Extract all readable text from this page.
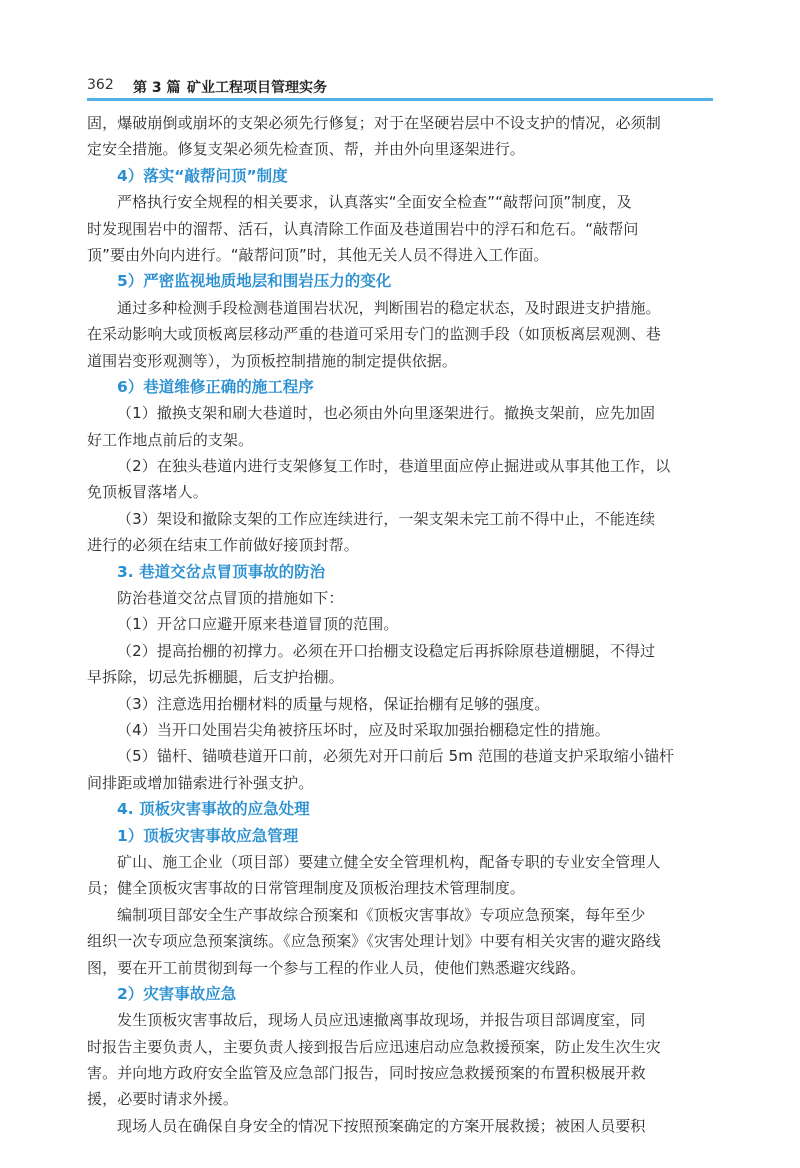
362 第 3 篇 矿业工程项目管理实务
固，爆破崩倒或崩坏的支架必须先行修复；对于在坚硬岩层中不设支护的情况，必须制
定安全措施。修复支架必须先检查顶、帮，并由外向里逐架进行。
4）落实“敲帮问顶”制度
严格执行安全规程的相关要求，认真落实“全面安全检查”“敲帮问顶”制度，及
时发现围岩中的溜帮、活石，认真清除工作面及巷道围岩中的浮石和危石。“敲帮问
顶”要由外向内进行。“敲帮问顶”时，其他无关人员不得进入工作面。
5）严密监视地质地层和围岩压力的变化
通过多种检测手段检测巷道围岩状况，判断围岩的稳定状态，及时跟进支护措施。
在采动影响大或顶板离层移动严重的巷道可采用专门的监测手段（如顶板离层观测、巷
道围岩变形观测等），为顶板控制措施的制定提供依据。
6）巷道维修正确的施工程序
（1）撤换支架和刷大巷道时，也必须由外向里逐架进行。撤换支架前，应先加固
好工作地点前后的支架。
（2）在独头巷道内进行支架修复工作时，巷道里面应停止掘进或从事其他工作，以
免顶板冒落堵人。
（3）架设和撤除支架的工作应连续进行，一架支架未完工前不得中止，不能连续
进行的必须在结束工作前做好接顶封帮。
3. 巷道交岔点冒顶事故的防治
防治巷道交岔点冒顶的措施如下：
（1）开岔口应避开原来巷道冒顶的范围。
（2）提高抬棚的初撑力。必须在开口抬棚支设稳定后再拆除原巷道棚腿，不得过
早拆除，切忌先拆棚腿，后支护抬棚。
（3）注意选用抬棚材料的质量与规格，保证抬棚有足够的强度。
（4）当开口处围岩尖角被挤压坏时，应及时采取加强抬棚稳定性的措施。
（5）锚杆、锚喷巷道开口前，必须先对开口前后 5m 范围的巷道支护采取缩小锚杆
间排距或增加锚索进行补强支护。
4. 顶板灾害事故的应急处理
1）顶板灾害事故应急管理
矿山、施工企业（项目部）要建立健全安全管理机构，配备专职的专业安全管理人
员；健全顶板灾害事故的日常管理制度及顶板治理技术管理制度。
编制项目部安全生产事故综合预案和《顶板灾害事故》专项应急预案，每年至少
组织一次专项应急预案演练。《应急预案》《灾害处理计划》中要有相关灾害的避灾路线
图，要在开工前贯彻到每一个参与工程的作业人员，使他们熟悉避灾线路。
2）灾害事故应急
发生顶板灾害事故后，现场人员应迅速撤离事故现场，并报告项目部调度室，同
时报告主要负责人，主要负责人接到报告后应迅速启动应急救援预案，防止发生次生灾
害。并向地方政府安全监管及应急部门报告，同时按应急救援预案的布置积极展开救
援，必要时请求外援。
现场人员在确保自身安全的情况下按照预案确定的方案开展救援；被困人员要积
